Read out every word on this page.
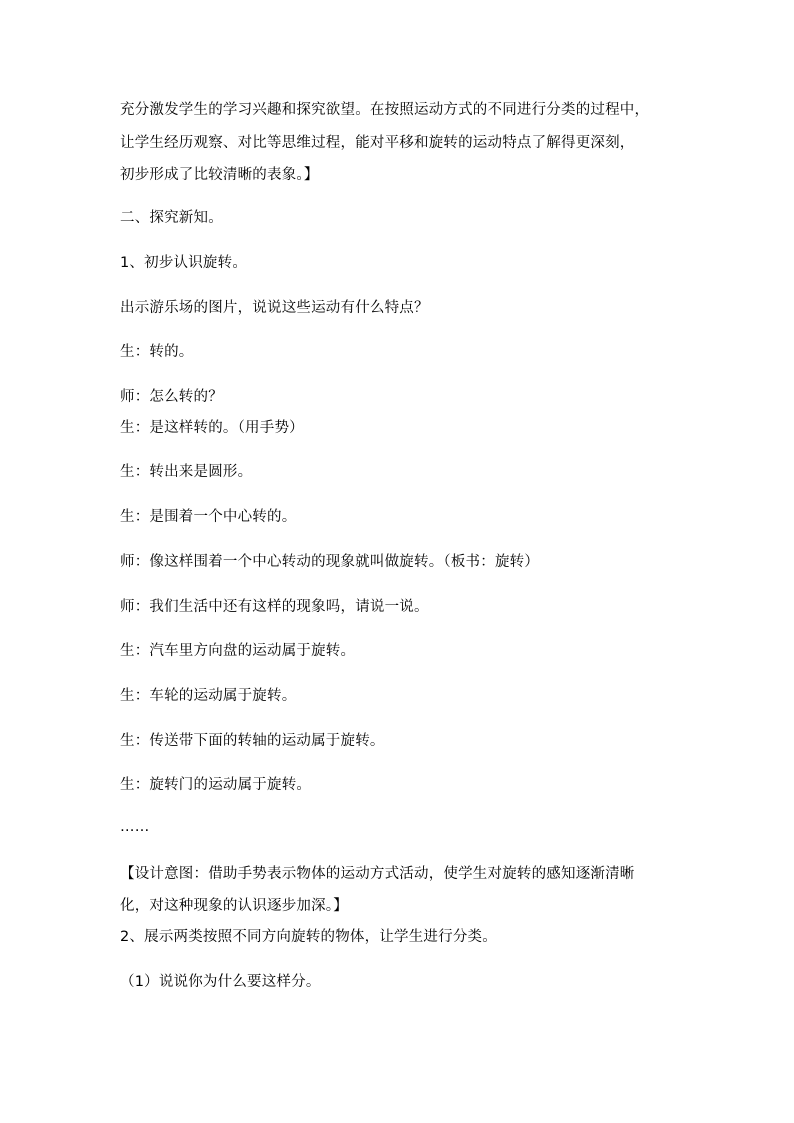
充分激发学生的学习兴趣和探究欲望。在按照运动方式的不同进行分类的过程中，
让学生经历观察、对比等思维过程，能对平移和旋转的运动特点了解得更深刻，
初步形成了比较清晰的表象。】
二、探究新知。
1、初步认识旋转。
出示游乐场的图片，说说这些运动有什么特点？
生：转的。
师：怎么转的？
生：是这样转的。（用手势）
生：转出来是圆形。
生：是围着一个中心转的。
师：像这样围着一个中心转动的现象就叫做旋转。（板书：旋转）
师：我们生活中还有这样的现象吗，请说一说。
生：汽车里方向盘的运动属于旋转。
生：车轮的运动属于旋转。
生：传送带下面的转轴的运动属于旋转。
生：旋转门的运动属于旋转。
……
【设计意图：借助手势表示物体的运动方式活动，使学生对旋转的感知逐渐清晰
化，对这种现象的认识逐步加深。】
2、展示两类按照不同方向旋转的物体，让学生进行分类。
（1）说说你为什么要这样分。
